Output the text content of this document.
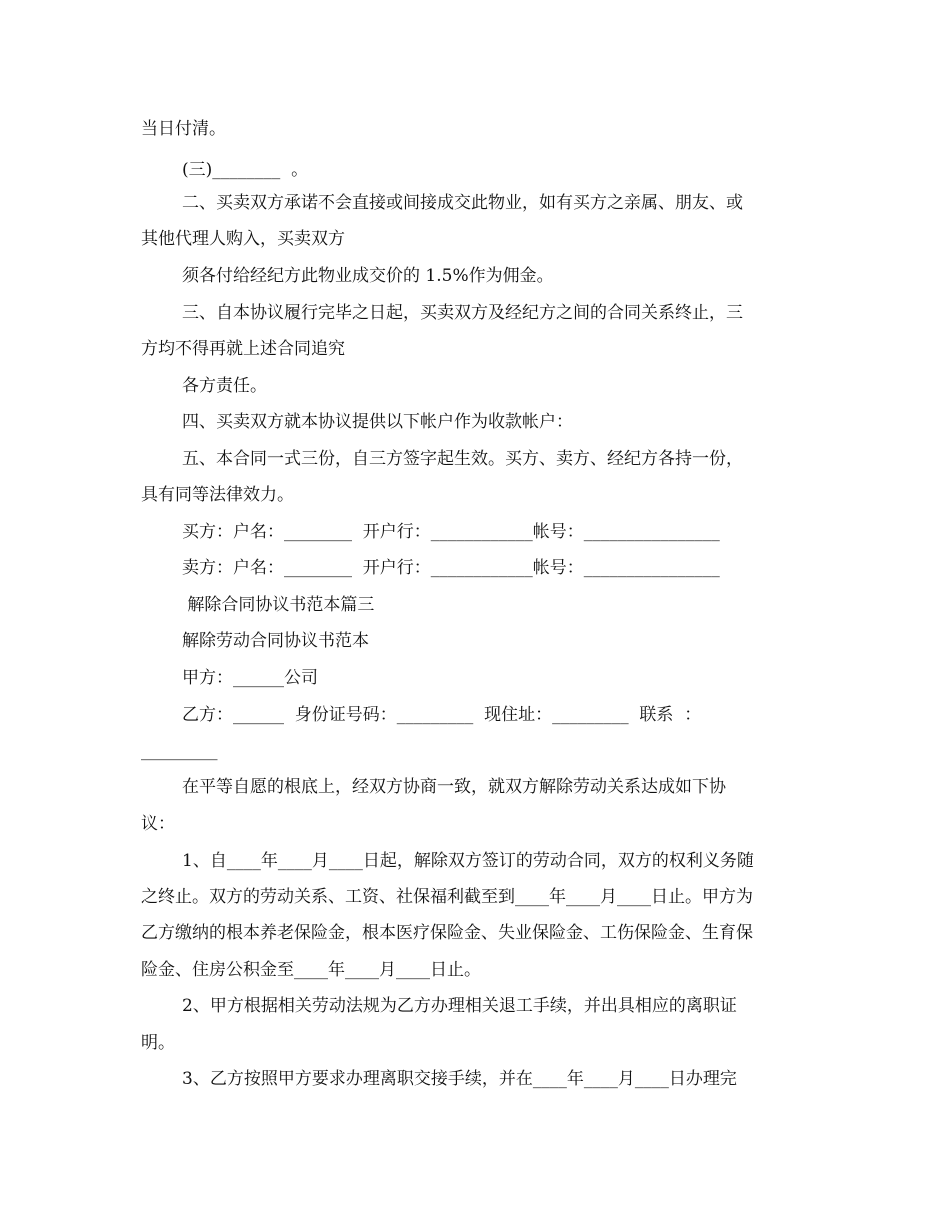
当日付清。

(三)________  。

二、买卖双方承诺不会直接或间接成交此物业，如有买方之亲属、朋友、或

其他代理人购入，买卖双方

须各付给经纪方此物业成交价的 1.5%作为佣金。

三、自本协议履行完毕之日起，买卖双方及经纪方之间的合同关系终止，三

方均不得再就上述合同追究

各方责任。

四、买卖双方就本协议提供以下帐户作为收款帐户：

五、本合同一式三份，自三方签字起生效。买方、卖方、经纪方各持一份，

具有同等法律效力。

买方：户名：________  开户行：____________帐号：________________

卖方：户名：________  开户行：____________帐号：________________

解除合同协议书范本篇三

解除劳动合同协议书范本

甲方：______公司

乙方：______  身份证号码：_________  现住址：_________  联系  ：

_________

在平等自愿的根底上，经双方协商一致，就双方解除劳动关系达成如下协

议：

1、自____年____月____日起，解除双方签订的劳动合同，双方的权利义务随

之终止。双方的劳动关系、工资、社保福利截至到____年____月____日止。甲方为

乙方缴纳的根本养老保险金，根本医疗保险金、失业保险金、工伤保险金、生育保

险金、住房公积金至____年____月____日止。

2、甲方根据相关劳动法规为乙方办理相关退工手续，并出具相应的离职证

明。

3、乙方按照甲方要求办理离职交接手续，并在____年____月____日办理完
